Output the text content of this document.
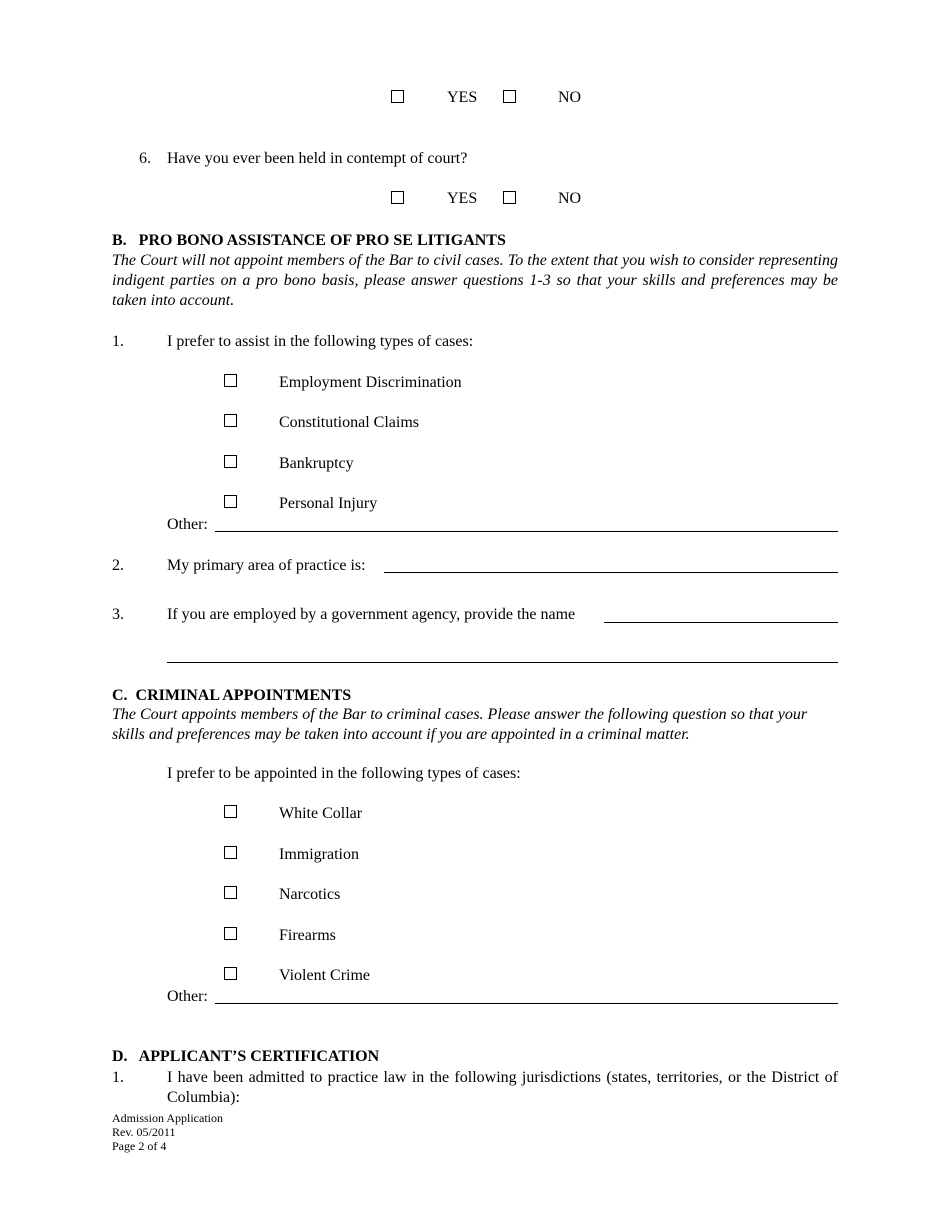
YES	NO
6. Have you ever been held in contempt of court?
YES	NO
B.   PRO BONO ASSISTANCE OF PRO SE LITIGANTS
The Court will not appoint members of the Bar to civil cases. To the extent that you wish to consider representing indigent parties on a pro bono basis, please answer questions 1-3 so that your skills and preferences may be taken into account.
1.	I prefer to assist in the following types of cases:
Employment Discrimination
Constitutional Claims
Bankruptcy
Personal Injury
Other:
2.	My primary area of practice is:
3.	If you are employed by a government agency, provide the name
C.  CRIMINAL APPOINTMENTS
The Court appoints members of the Bar to criminal cases. Please answer the following question so that your skills and preferences may be taken into account if you are appointed in a criminal matter.
I prefer to be appointed in the following types of cases:
White Collar
Immigration
Narcotics
Firearms
Violent Crime
Other:
D.   APPLICANT’S CERTIFICATION
1.	I have been admitted to practice law in the following jurisdictions (states, territories, or the District of Columbia):
Admission Application
Rev. 05/2011
Page 2 of 4
